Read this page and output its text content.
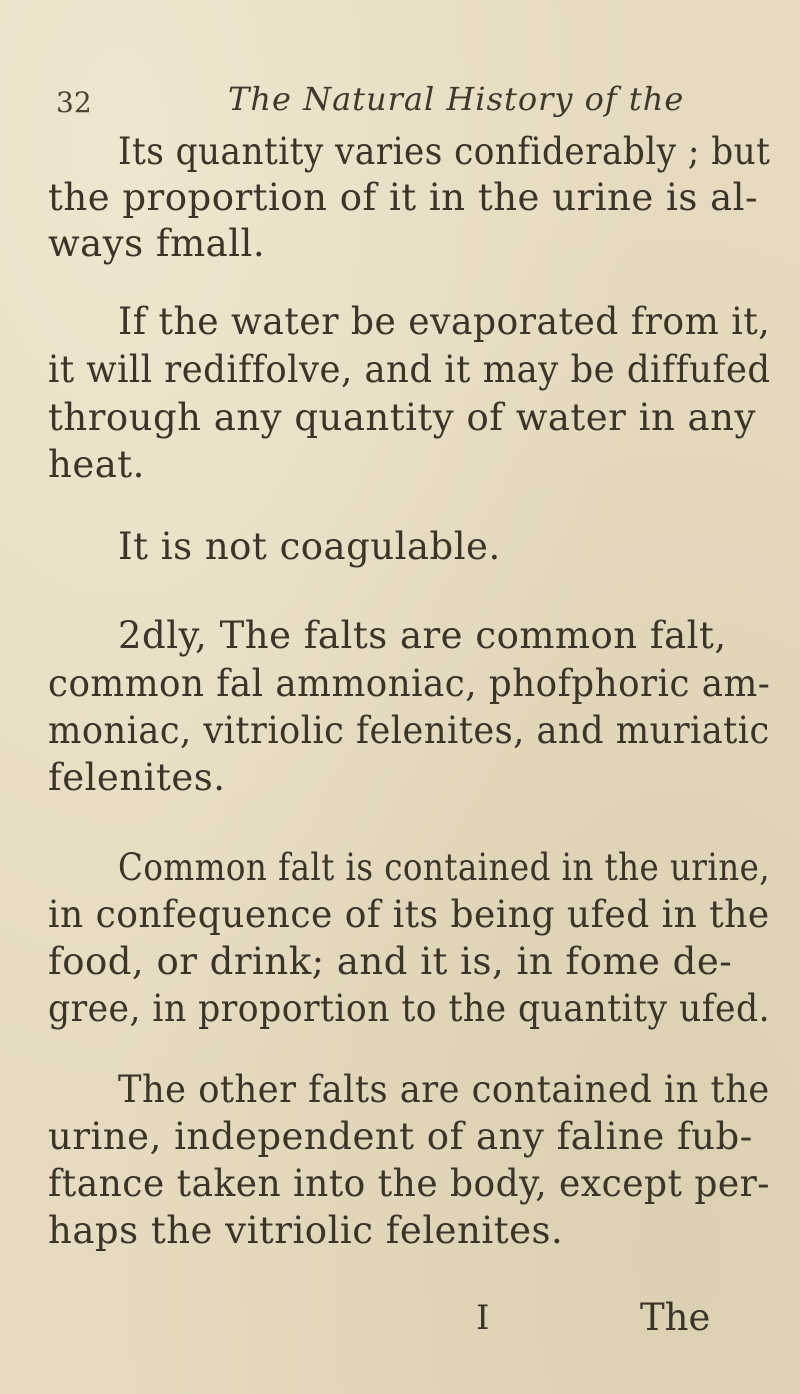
32	The Natural History of the
Its quantity varies confiderably ; but
the proportion of it in the urine is al-
ways fmall.
If the water be evaporated from it,
it will rediffolve, and it may be diffufed
through any quantity of water in any
heat.
It is not coagulable.
2dly, The falts are common falt,
common fal ammoniac, phofphoric am-
moniac, vitriolic felenites, and muriatic
felenites.
Common falt is contained in the urine,
in confequence of its being ufed in the
food, or drink; and it is, in fome de-
gree, in proportion to the quantity ufed.
The other falts are contained in the
urine, independent of any faline fub-
ftance taken into the body, except per-
haps the vitriolic felenites.
I	The
